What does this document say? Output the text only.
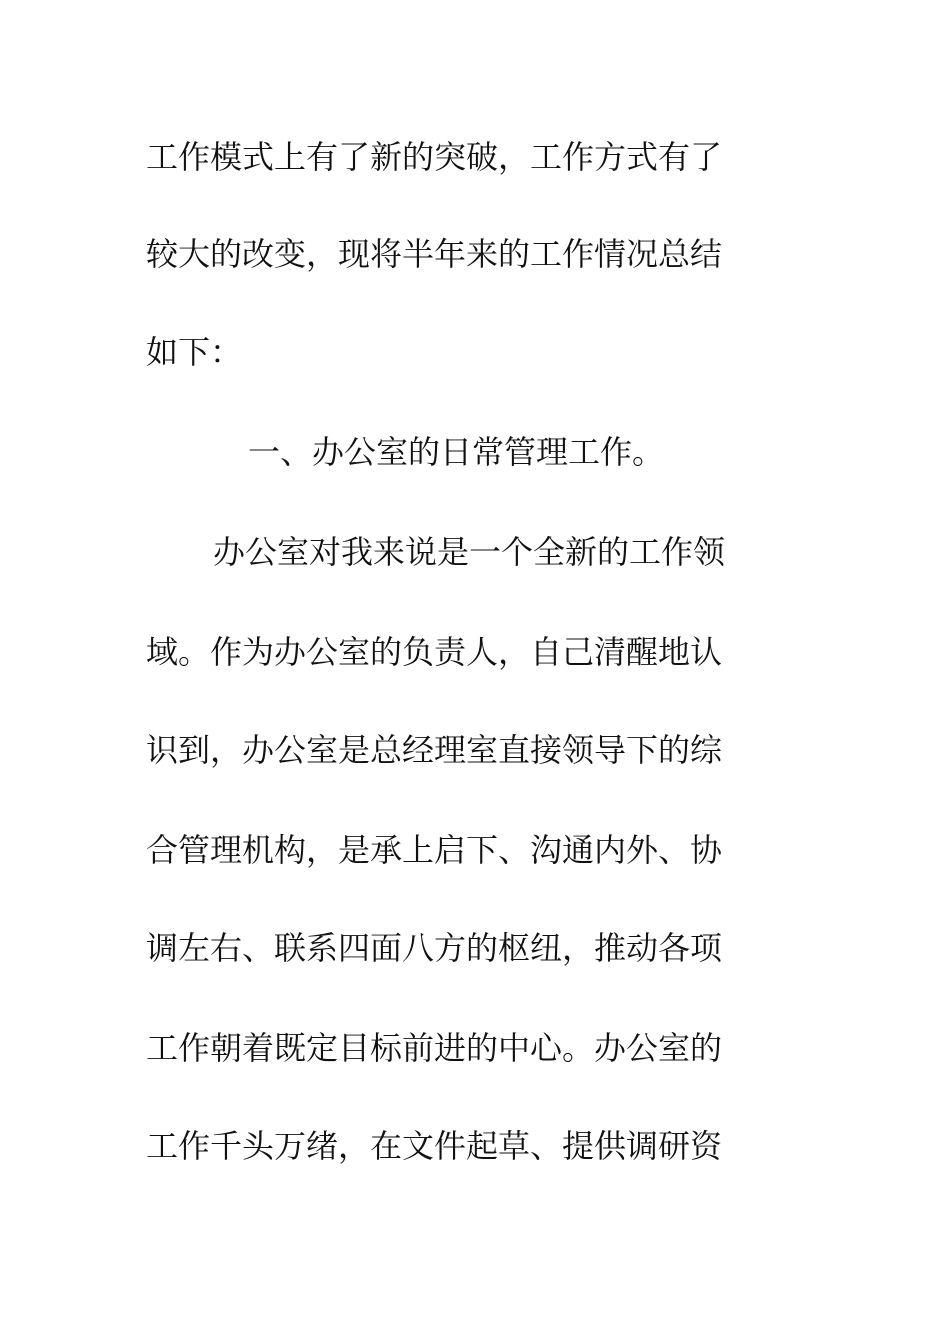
工作模式上有了新的突破，工作方式有了
较大的改变，现将半年来的工作情况总结
如下：
一、办公室的日常管理工作。
办公室对我来说是一个全新的工作领
域。作为办公室的负责人，自己清醒地认
识到，办公室是总经理室直接领导下的综
合管理机构，是承上启下、沟通内外、协
调左右、联系四面八方的枢纽，推动各项
工作朝着既定目标前进的中心。办公室的
工作千头万绪，在文件起草、提供调研资
